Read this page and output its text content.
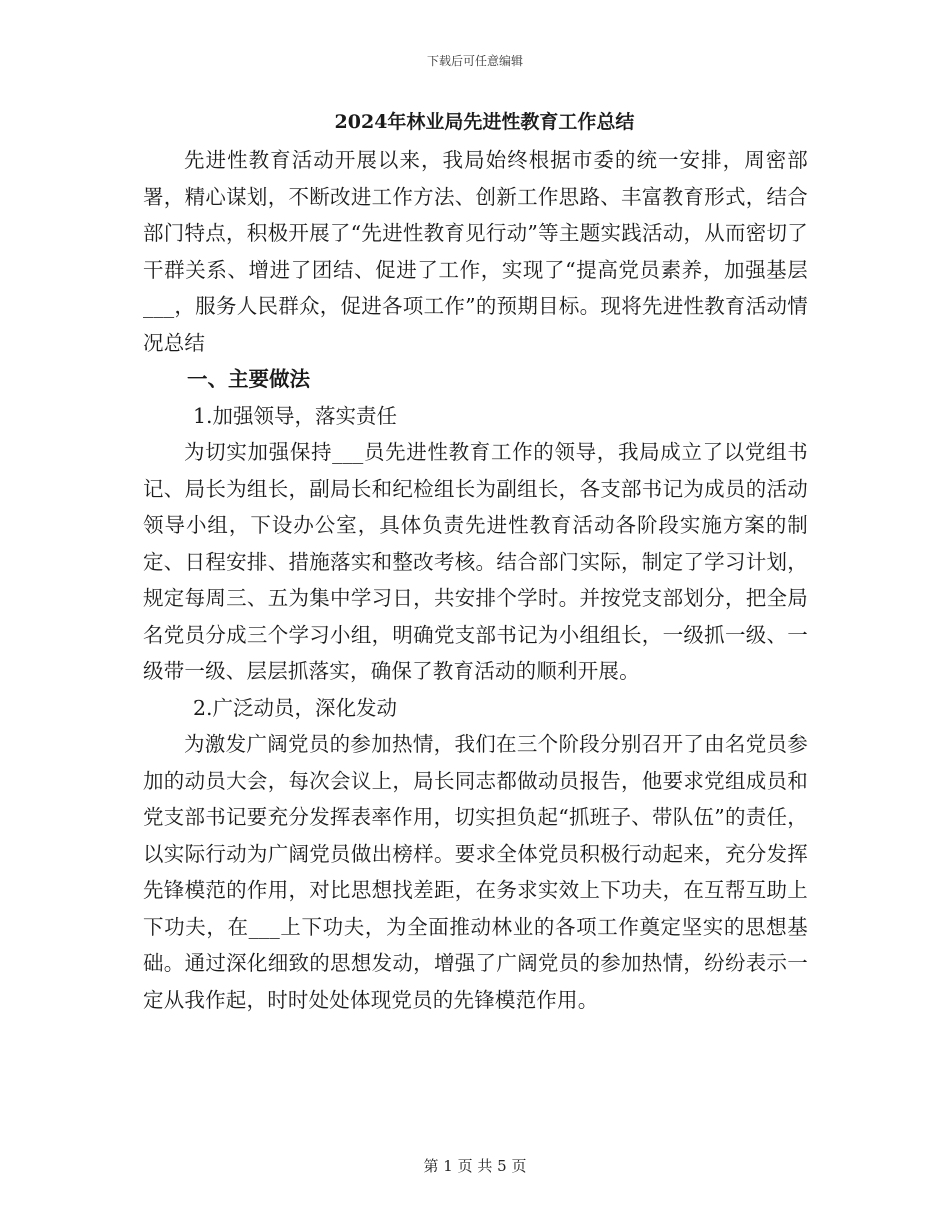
下载后可任意编辑
2024年林业局先进性教育工作总结

先进性教育活动开展以来，我局始终根据市委的统一安排，周密部署，精心谋划，不断改进工作方法、创新工作思路、丰富教育形式，结合部门特点，积极开展了“先进性教育见行动”等主题实践活动，从而密切了干群关系、增进了团结、促进了工作，实现了“提高党员素养，加强基层___，服务人民群众，促进各项工作”的预期目标。现将先进性教育活动情况总结

一、主要做法

1.加强领导，落实责任

为切实加强保持___员先进性教育工作的领导，我局成立了以党组书记、局长为组长，副局长和纪检组长为副组长，各支部书记为成员的活动领导小组，下设办公室，具体负责先进性教育活动各阶段实施方案的制定、日程安排、措施落实和整改考核。结合部门实际，制定了学习计划，规定每周三、五为集中学习日，共安排个学时。并按党支部划分，把全局名党员分成三个学习小组，明确党支部书记为小组组长，一级抓一级、一级带一级、层层抓落实，确保了教育活动的顺利开展。

2.广泛动员，深化发动

为激发广阔党员的参加热情，我们在三个阶段分别召开了由名党员参加的动员大会，每次会议上，局长同志都做动员报告，他要求党组成员和党支部书记要充分发挥表率作用，切实担负起“抓班子、带队伍”的责任，以实际行动为广阔党员做出榜样。要求全体党员积极行动起来，充分发挥先锋模范的作用，对比思想找差距，在务求实效上下功夫，在互帮互助上下功夫，在___上下功夫，为全面推动林业的各项工作奠定坚实的思想基础。通过深化细致的思想发动，增强了广阔党员的参加热情，纷纷表示一定从我作起，时时处处体现党员的先锋模范作用。

第 1 页 共 5 页
